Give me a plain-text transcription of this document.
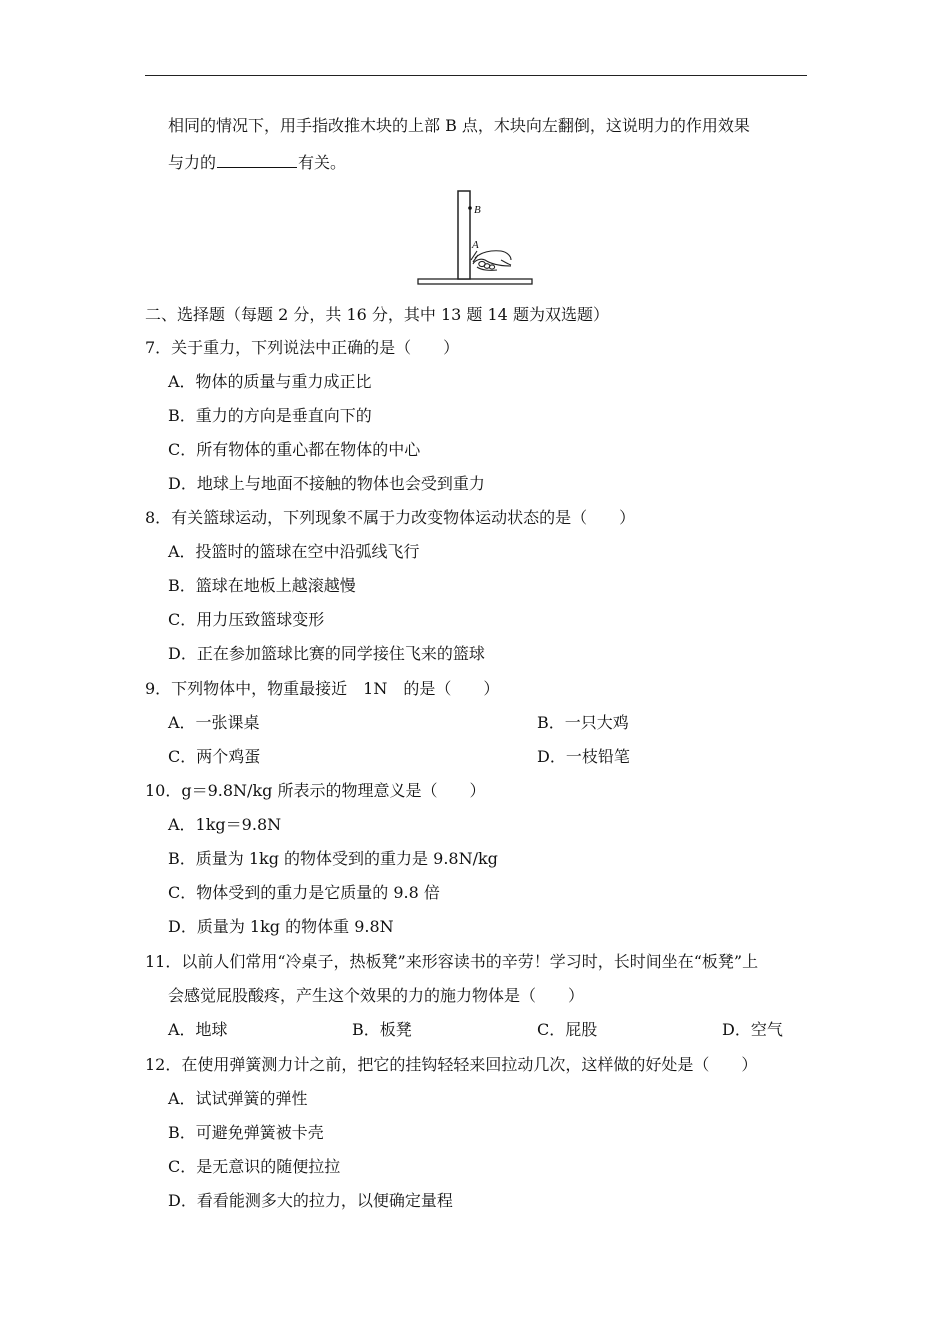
相同的情况下，用手指改推木块的上部 B 点，木块向左翻倒，这说明力的作用效果
与力的	有关。
B
A
二、选择题（每题 2 分，共 16 分，其中 13 题 14 题为双选题）
7．关于重力，下列说法中正确的是（　　）
A．物体的质量与重力成正比
B．重力的方向是垂直向下的
C．所有物体的重心都在物体的中心
D．地球上与地面不接触的物体也会受到重力
8．有关篮球运动，下列现象不属于力改变物体运动状态的是（　　）
A．投篮时的篮球在空中沿弧线飞行
B．篮球在地板上越滚越慢
C．用力压致篮球变形
D．正在参加篮球比赛的同学接住飞来的篮球
9．下列物体中，物重最接近　1N　的是（　　）
A．一张课桌	B．一只大鸡
C．两个鸡蛋	D．一枝铅笔
10．g＝9.8N/kg 所表示的物理意义是（　　）
A．1kg＝9.8N
B．质量为 1kg 的物体受到的重力是 9.8N/kg
C．物体受到的重力是它质量的 9.8 倍
D．质量为 1kg 的物体重 9.8N
11．以前人们常用“冷桌子，热板凳”来形容读书的辛劳！学习时，长时间坐在“板凳”上
会感觉屁股酸疼，产生这个效果的力的施力物体是（　　）
A．地球	B．板凳	C．屁股	D．空气
12．在使用弹簧测力计之前，把它的挂钩轻轻来回拉动几次，这样做的好处是（　　）
A．试试弹簧的弹性
B．可避免弹簧被卡壳
C．是无意识的随便拉拉
D．看看能测多大的拉力，以便确定量程
